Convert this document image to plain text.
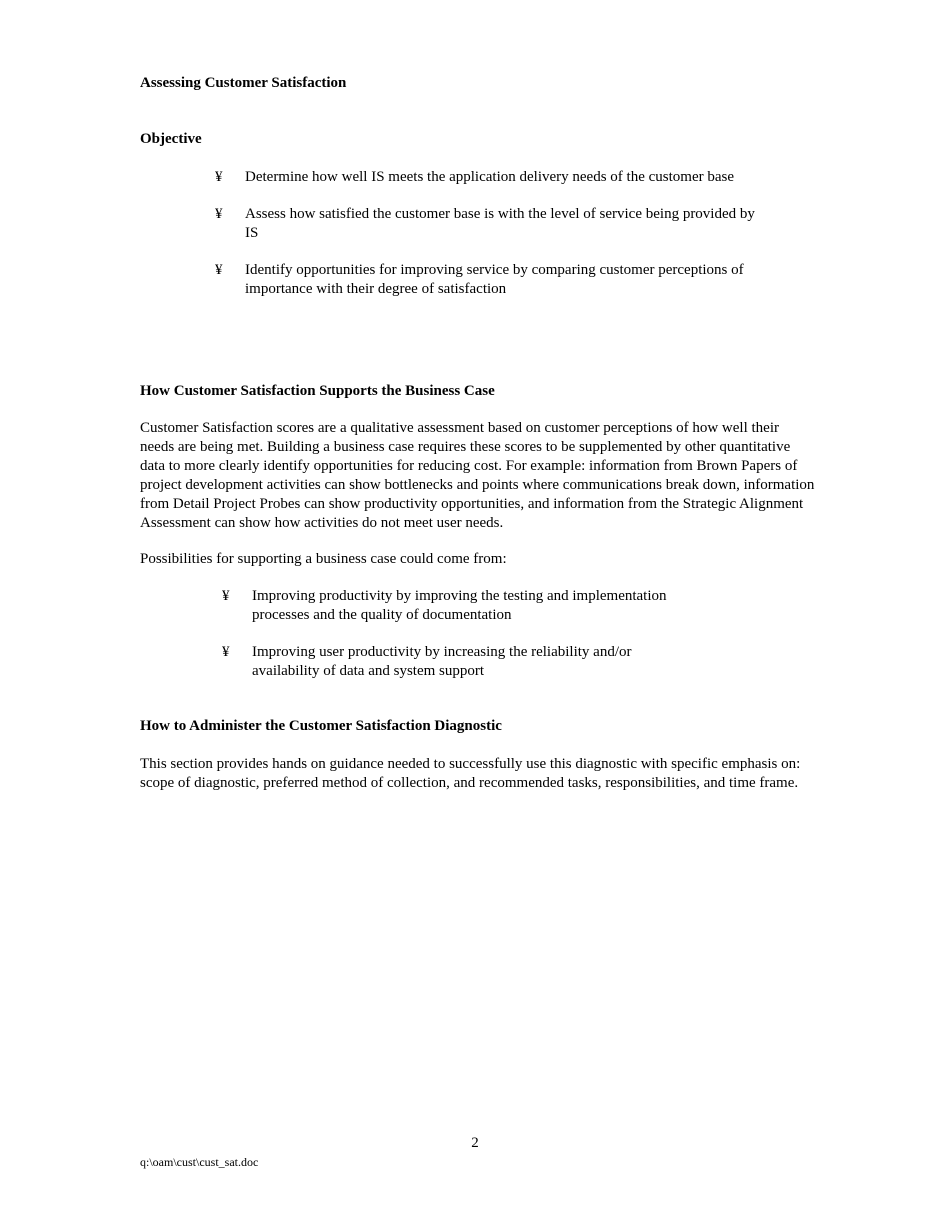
Assessing Customer Satisfaction
Objective
¥ Determine how well IS meets the application delivery needs of the customer base
¥ Assess how satisfied the customer base is with the level of service being provided by IS
¥ Identify opportunities for improving service by comparing customer perceptions of importance with their degree of satisfaction
How Customer Satisfaction Supports the Business Case

Customer Satisfaction scores are a qualitative assessment based on customer perceptions of how well their needs are being met. Building a business case requires these scores to be supplemented by other quantitative data to more clearly identify opportunities for reducing cost. For example: information from Brown Papers of project development activities can show bottlenecks and points where communications break down, information from Detail Project Probes can show productivity opportunities, and information from the Strategic Alignment Assessment can show how activities do not meet user needs.

Possibilities for supporting a business case could come from:

¥ Improving productivity by improving the testing and implementation processes and the quality of documentation
¥ Improving user productivity by increasing the reliability and/or availability of data and system support
How to Administer the Customer Satisfaction Diagnostic

This section provides hands on guidance needed to successfully use this diagnostic with specific emphasis on: scope of diagnostic, preferred method of collection, and recommended tasks, responsibilities, and time frame.

2
q:\oam\cust\cust_sat.doc
